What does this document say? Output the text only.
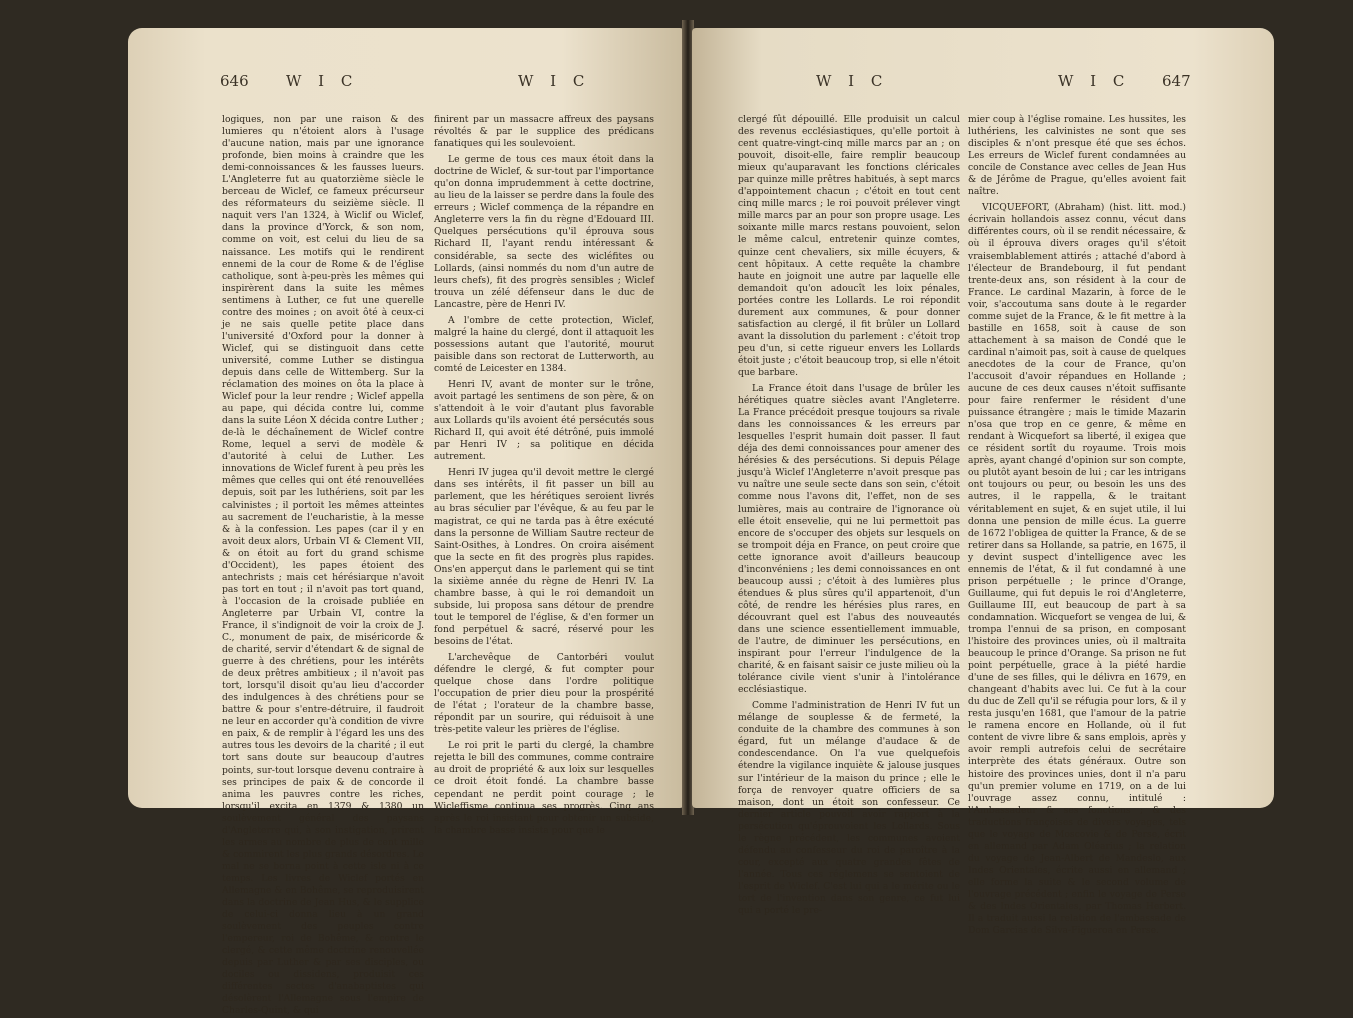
646 W I C	W I C

logiques, non par une raison & des lumieres qu n'étoient alors à l'usage d'aucune nation, mais par une ignorance profonde, bien moins à craindre que les demi-connoissances & les fausses lueurs. L'Angleterre fut au quatorzième siècle le berceau de Wiclef, ce fameux précurseur des réformateurs du seizième siècle. Il naquit vers l'an 1324, à Wiclif ou Wiclef, dans la province d'Yorck, & son nom, comme on voit, est celui du lieu de sa naissance. Les motifs qui le rendirent ennemi de la cour de Rome & de l'église catholique, sont à-peu-près les mêmes qui inspirèrent dans la suite les mêmes sentimens à Luther, ce fut une querelle contre des moines ; on avoit ôté à ceux-ci je ne sais quelle petite place dans l'université d'Oxford pour la donner à Wiclef, qui se distinguoit dans cette université, comme Luther se distingua depuis dans celle de Wittemberg. Sur la réclamation des moines on ôta la place à Wiclef pour la leur rendre ; Wiclef appella au pape, qui décida contre lui, comme dans la suite Léon X décida contre Luther ; de-là le déchaînement de Wiclef contre Rome, lequel a servi de modèle & d'autorité à celui de Luther. Les innovations de Wiclef furent à peu près les mêmes que celles qui ont été renouvellées depuis, soit par les luthériens, soit par les calvinistes ; il portoit les mêmes atteintes au sacrement de l'eucharistie, à la messe & à la confession. Les papes (car il y en avoit deux alors, Urbain VI & Clement VII, & on étoit au fort du grand schisme d'Occident), les papes étoient des antechrists ; mais cet hérésiarque n'avoit pas tort en tout ; il n'avoit pas tort quand, à l'occasion de la croisade publiée en Angleterre par Urbain VI, contre la France, il s'indignoit de voir la croix de J. C., monument de paix, de miséricorde & de charité, servir d'étendart & de signal de guerre à des chrétiens, pour les intérêts de deux prêtres ambitieux ; il n'avoit pas tort, lorsqu'il disoit qu'au lieu d'accorder des indulgences à des chrétiens pour se battre & pour s'entre-détruire, il faudroit ne leur en accorder qu'à condition de vivre en paix, & de remplir à l'égard les uns des autres tous les devoirs de la charité ; il eut tort sans doute sur beaucoup d'autres points, sur-tout lorsque devenu contraire à ses principes de paix & de concorde il anima les pauvres contre les riches, lorsqu'il excita en 1379 & 1380 un soulèvement général des paysans d'Angleterre qui, à son instigation, prirent les armes au nombre de plus de cent mille & commirent les plus grands désordres. Le mal ne se borna point à cette isle ni à ce temps. Les livres de Wiclef portés en Allemagne & en Bohême, se reproduisirent dans la doctrine de Jean Hus, & le supplice de celui-ci donna lieu à un grand soulèvement des peuples contre l'empereur, roi de Bohême, & contre le clergé, & cette même doctrine renouvellée depuis par Luther & par ses disciples, ou dociles ou dissidens, produisit ces différentes sectes d'anabaptistes qui désolèrent l'Allemagne sous l'empire de Charles-Quint, & qui

finirent par un massacre affreux des paysans révoltés & par le supplice des prédicans fanatiques qui les soulevoient.

Le germe de tous ces maux étoit dans la doctrine de Wiclef, & sur-tout par l'importance qu'on donna imprudemment à cette doctrine, au lieu de la laisser se perdre dans la foule des erreurs ; Wiclef commença de la répandre en Angleterre vers la fin du règne d'Edouard III. Quelques persécutions qu'il éprouva sous Richard II, l'ayant rendu intéressant & considérable, sa secte des wicléfites ou Lollards, (ainsi nommés du nom d'un autre de leurs chefs), fit des progrès sensibles ; Wiclef trouva un zélé défenseur dans le duc de Lancastre, père de Henri IV.

A l'ombre de cette protection, Wiclef, malgré la haine du clergé, dont il attaquoit les possessions autant que l'autorité, mourut paisible dans son rectorat de Lutterworth, au comté de Leicester en 1384.

Henri IV, avant de monter sur le trône, avoit partagé les sentimens de son père, & on s'attendoit à le voir d'autant plus favorable aux Lollards qu'ils avoient été persécutés sous Richard II, qui avoit été détrôné, puis immolé par Henri IV ; sa politique en décida autrement.

Henri IV jugea qu'il devoit mettre le clergé dans ses intérêts, il fit passer un bill au parlement, que les hérétiques seroient livrés au bras séculier par l'évêque, & au feu par le magistrat, ce qui ne tarda pas à être exécuté dans la personne de William Sautre recteur de Saint-Osithes, à Londres. On croira aisément que la secte en fit des progrès plus rapides. Ons'en apperçut dans le parlement qui se tint la sixième année du règne de Henri IV. La chambre basse, à qui le roi demandoit un subside, lui proposa sans détour de prendre tout le temporel de l'église, & d'en former un fond perpétuel & sacré, réservé pour les besoins de l'état.

L'archevêque de Cantorbéri voulut défendre le clergé, & fut compter pour quelque chose dans l'ordre politique l'occupation de prier dieu pour la prospérité de l'état ; l'orateur de la chambre basse, répondit par un sourire, qui réduisoit à une très-petite valeur les prières de l'église.

Le roi prit le parti du clergé, la chambre rejetta le bill des communes, comme contraire au droit de propriété & aux loix sur lesquelles ce droit étoit fondé. La chambre basse cependant ne perdit point courage ; le Wicleffisme continua ses progrès. Cinq ans après le roi insistant pour obtenir un subside, la chambre basse insista pour que le

W I C	W I C 647

clergé fût dépouillé. Elle produisit un calcul des revenus ecclésiastiques, qu'elle portoit à cent quatre-vingt-cinq mille marcs par an ; on pouvoit, disoit-elle, faire remplir beaucoup mieux qu'auparavant les fonctions cléricales par quinze mille prêtres habitués, à sept marcs d'appointement chacun ; c'étoit en tout cent cinq mille marcs ; le roi pouvoit prélever vingt mille marcs par an pour son propre usage. Les soixante mille marcs restans pouvoient, selon le même calcul, entretenir quinze comtes, quinze cent chevaliers, six mille écuyers, & cent hôpitaux. A cette requête la chambre haute en joignoit une autre par laquelle elle demandoit qu'on adoucît les loix pénales, portées contre les Lollards. Le roi répondit durement aux communes, & pour donner satisfaction au clergé, il fit brûler un Lollard avant la dissolution du parlement : c'étoit trop peu d'un, si cette rigueur envers les Lollards étoit juste ; c'étoit beaucoup trop, si elle n'étoit que barbare.

La France étoit dans l'usage de brûler les hérétiques quatre siècles avant l'Angleterre. La France précédoit presque toujours sa rivale dans les connoissances & les erreurs par lesquelles l'esprit humain doit passer. Il faut déja des demi connoissances pour amener des hérésies & des persécutions. Si depuis Pélage jusqu'à Wiclef l'Angleterre n'avoit presque pas vu naître une seule secte dans son sein, c'étoit comme nous l'avons dit, l'effet, non de ses lumières, mais au contraire de l'ignorance où elle étoit ensevelie, qui ne lui permettoit pas encore de s'occuper des objets sur lesquels on se trompoit déja en France, on peut croire que cette ignorance avoit d'ailleurs beaucoup d'inconvéniens ; les demi connoissances en ont beaucoup aussi ; c'étoit à des lumières plus étendues & plus sûres qu'il appartenoit, d'un côté, de rendre les hérésies plus rares, en découvrant quel est l'abus des nouveautés dans une science essentiellement immuable, de l'autre, de diminuer les persécutions, en inspirant pour l'erreur l'indulgence de la charité, & en faisant saisir ce juste milieu où la tolérance civile vient s'unir à l'intolérance ecclésiastique.

Comme l'administration de Henri IV fut un mélange de souplesse & de fermeté, la conduite de la chambre des communes à son égard, fut un mélange d'audace & de condescendance. On l'a vue quelquefois étendre la vigilance inquiète & jalouse jusques sur l'intérieur de la maison du prince ; elle le força de renvoyer quatre officiers de sa maison, dont un étoit son confesseur. Ce dernier article pouvoit avoir rapport à la persécution qu'éprouvoient les Lollards. Sous le règne précédent, les communes avoient défendu au confesseur du roi de paroître à la cour, excepté aux quatre grandes fêtes de l'année. Tous ces réglemens se sentoient de l'esprit de Wiclef. C'est lui qui a le mérite ou le tort de l'invention dans son genre, ce fut lui qui a porté le pre-

mier coup à l'église romaine. Les hussites, les luthériens, les calvinistes ne sont que ses disciples & n'ont presque été que ses échos. Les erreurs de Wiclef furent condamnées au concile de Constance avec celles de Jean Hus & de Jérôme de Prague, qu'elles avoient fait naître.

VICQUEFORT, (Abraham) (hist. litt. mod.) écrivain hollandois assez connu, vécut dans différentes cours, où il se rendit nécessaire, & où il éprouva divers orages qu'il s'étoit vraisemblablement attirés ; attaché d'abord à l'électeur de Brandebourg, il fut pendant trente-deux ans, son résident à la cour de France. Le cardinal Mazarin, à force de le voir, s'accoutuma sans doute à le regarder comme sujet de la France, & le fit mettre à la bastille en 1658, soit à cause de son attachement à sa maison de Condé que le cardinal n'aimoit pas, soit à cause de quelques anecdotes de la cour de France, qu'on l'accusoit d'avoir répandues en Hollande ; aucune de ces deux causes n'étoit suffisante pour faire renfermer le résident d'une puissance étrangère ; mais le timide Mazarin n'osa que trop en ce genre, & même en rendant à Wicquefort sa liberté, il exigea que ce résident sortît du royaume. Trois mois après, ayant changé d'opinion sur son compte, ou plutôt ayant besoin de lui ; car les intrigans ont toujours ou peur, ou besoin les uns des autres, il le rappella, & le traitant véritablement en sujet, & en sujet utile, il lui donna une pension de mille écus. La guerre de 1672 l'obligea de quitter la France, & de se retirer dans sa Hollande, sa patrie, en 1675, il y devint suspect d'intelligence avec les ennemis de l'état, & il fut condamné à une prison perpétuelle ; le prince d'Orange, Guillaume, qui fut depuis le roi d'Angleterre, Guillaume III, eut beaucoup de part à sa condamnation. Wicquefort se vengea de lui, & trompa l'ennui de sa prison, en composant l'histoire des provinces unies, où il maltraita beaucoup le prince d'Orange. Sa prison ne fut point perpétuelle, grace à la piété hardie d'une de ses filles, qui le délivra en 1679, en changeant d'habits avec lui. Ce fut à la cour du duc de Zell qu'il se réfugia pour lors, & il y resta jusqu'en 1681, que l'amour de la patrie le ramena encore en Hollande, où il fut content de vivre libre & sans emplois, après y avoir rempli autrefois celui de secrétaire interprète des états généraux. Outre son histoire des provinces unies, dont il n'a paru qu'un premier volume en 1719, on a de lui l'ouvrage assez connu, intitulé : l'Ambassadeur & ses fonctions ; & des traductions françoises de divers voyages, tels que le voyage de Moscovie & de Perse, écrit en allemand par Adam Oléarius ; la relation du voyage de Jean-Albert de Mandeslo, aux Indes Orientales, écrite aussi en allemand ; elle forme la suite & le second volume de l'ouvrage précédent ; enfin le voyage de Perse & des Indes Orientales, par Thomas Herbert. Il a traduit aussi la relation de l'ambassade de Dom Garcias de Silva-Figueroa en Perse.
